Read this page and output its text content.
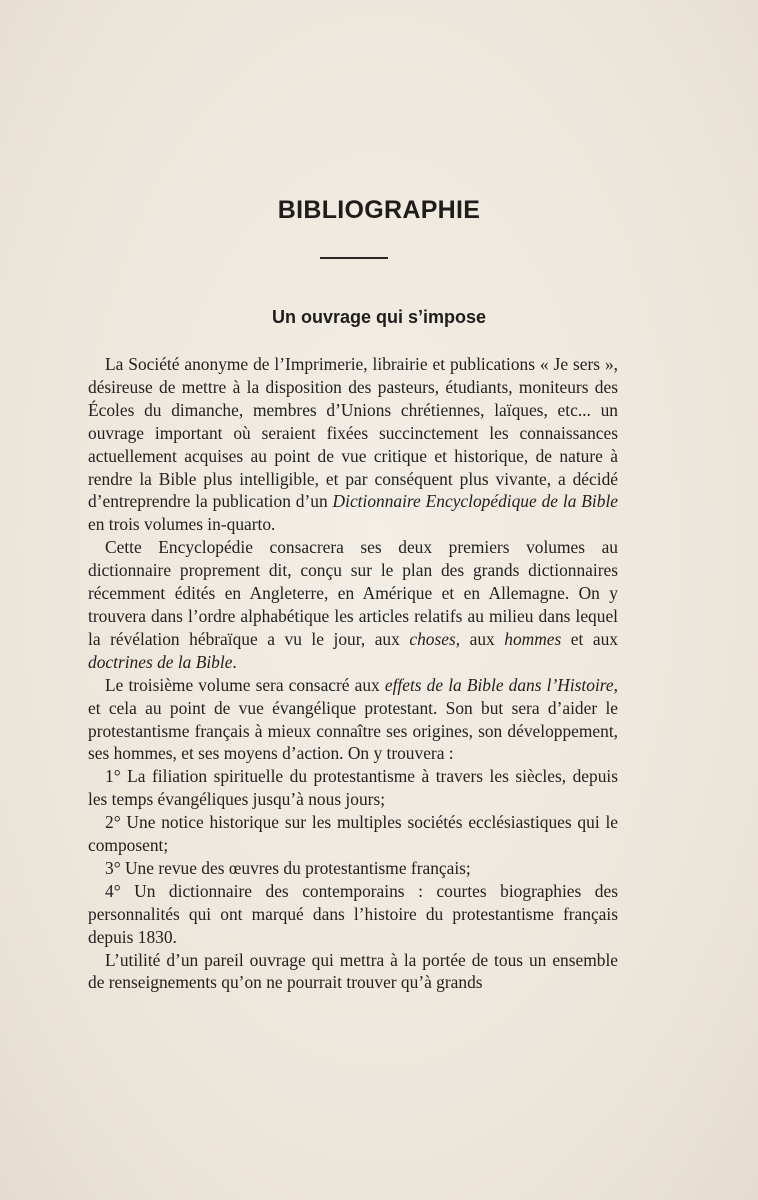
BIBLIOGRAPHIE
Un ouvrage qui s’impose

La Société anonyme de l’Imprimerie, librairie et publications « Je sers », désireuse de mettre à la disposition des pasteurs, étudiants, moniteurs des Écoles du dimanche, membres d’Unions chrétiennes, laïques, etc... un ouvrage important où seraient fixées succinctement les connaissances actuellement acquises au point de vue critique et historique, de nature à rendre la Bible plus intelligible, et par conséquent plus vivante, a décidé d’entreprendre la publication d’un Dictionnaire Encyclopédique de la Bible en trois volumes in-quarto.

Cette Encyclopédie consacrera ses deux premiers volumes au dictionnaire proprement dit, conçu sur le plan des grands dictionnaires récemment édités en Angleterre, en Amérique et en Allemagne. On y trouvera dans l’ordre alphabétique les articles relatifs au milieu dans lequel la révélation hébraïque a vu le jour, aux choses, aux hommes et aux doctrines de la Bible.

Le troisième volume sera consacré aux effets de la Bible dans l’Histoire, et cela au point de vue évangélique protestant. Son but sera d’aider le protestantisme français à mieux connaître ses origines, son développement, ses hommes, et ses moyens d’action. On y trouvera :

1° La filiation spirituelle du protestantisme à travers les siècles, depuis les temps évangéliques jusqu’à nous jours;

2° Une notice historique sur les multiples sociétés ecclésiastiques qui le composent;

3° Une revue des œuvres du protestantisme français;

4° Un dictionnaire des contemporains : courtes biographies des personnalités qui ont marqué dans l’histoire du protestantisme français depuis 1830.

L’utilité d’un pareil ouvrage qui mettra à la portée de tous un ensemble de renseignements qu’on ne pourrait trouver qu’à grands
